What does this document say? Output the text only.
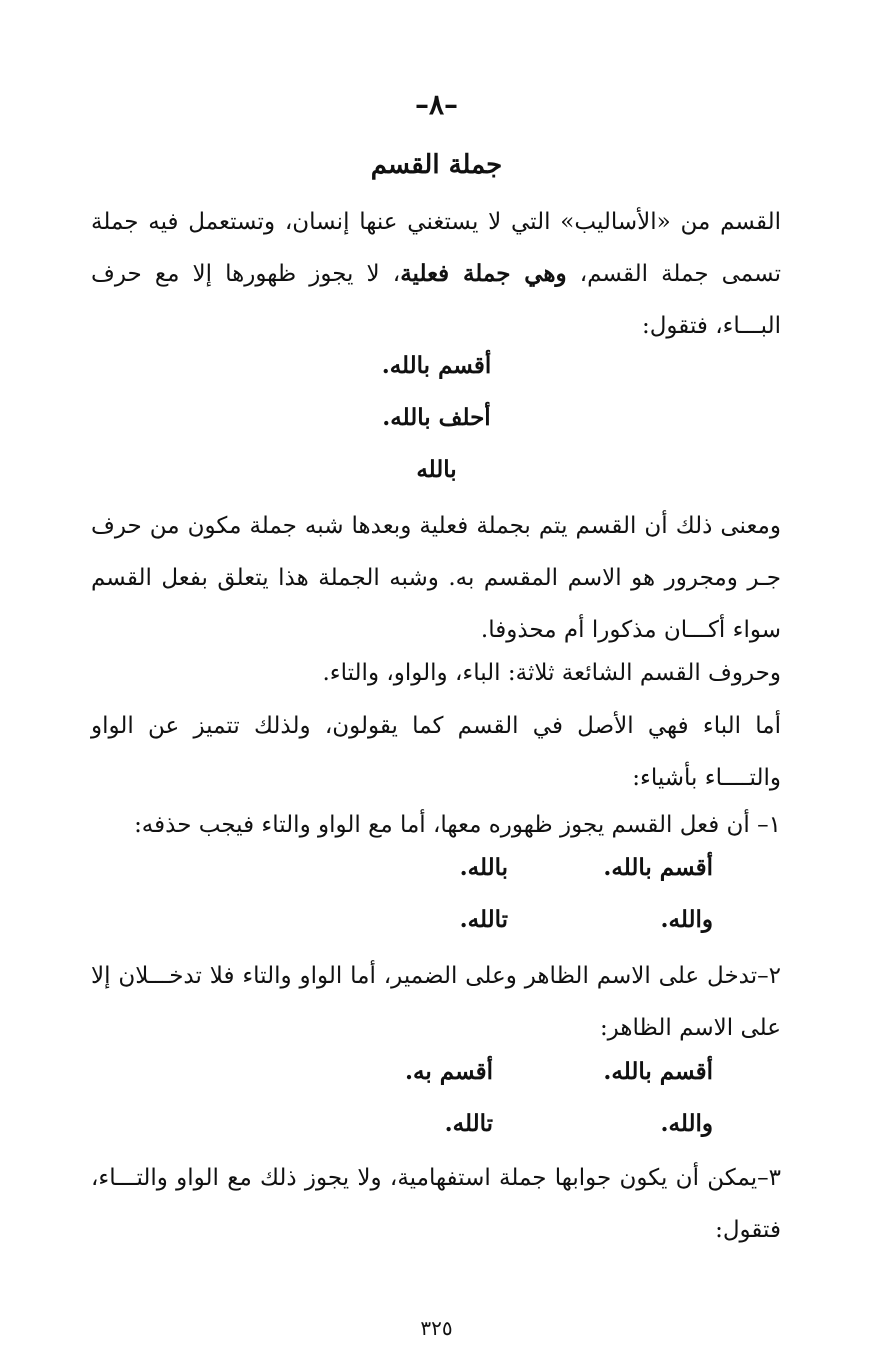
–٨–
جملة القسم
القسم من «الأساليب» التي لا يستغني عنها إنسان، وتستعمل فيه جملة تسمى جملة القسم، وهي جملة فعلية، لا يجوز ظهورها إلا مع حرف البـــاء، فتقول:
أقسم بالله.
أحلف بالله.
بالله
ومعنى ذلك أن القسم يتم بجملة فعلية وبعدها شبه جملة مكون من حرف جـر ومجرور هو الاسم المقسم به. وشبه الجملة هذا يتعلق بفعل القسم سواء أكـــان مذكورا أم محذوفا.
وحروف القسم الشائعة ثلاثة: الباء، والواو، والتاء.
أما الباء فهي الأصل في القسم كما يقولون، ولذلك تتميز عن الواو والتــــاء بأشياء:
١– أن فعل القسم يجوز ظهوره معها، أما مع الواو والتاء فيجب حذفه:
أقسم بالله.
بالله.
والله.
تالله.
٢–تدخل على الاسم الظاهر وعلى الضمير، أما الواو والتاء فلا تدخـــلان إلا على الاسم الظاهر:
أقسم بالله.
أقسم به.
والله.
تالله.
٣–يمكن أن يكون جوابها جملة استفهامية، ولا يجوز ذلك مع الواو والتـــاء، فتقول:
٣٢٥
